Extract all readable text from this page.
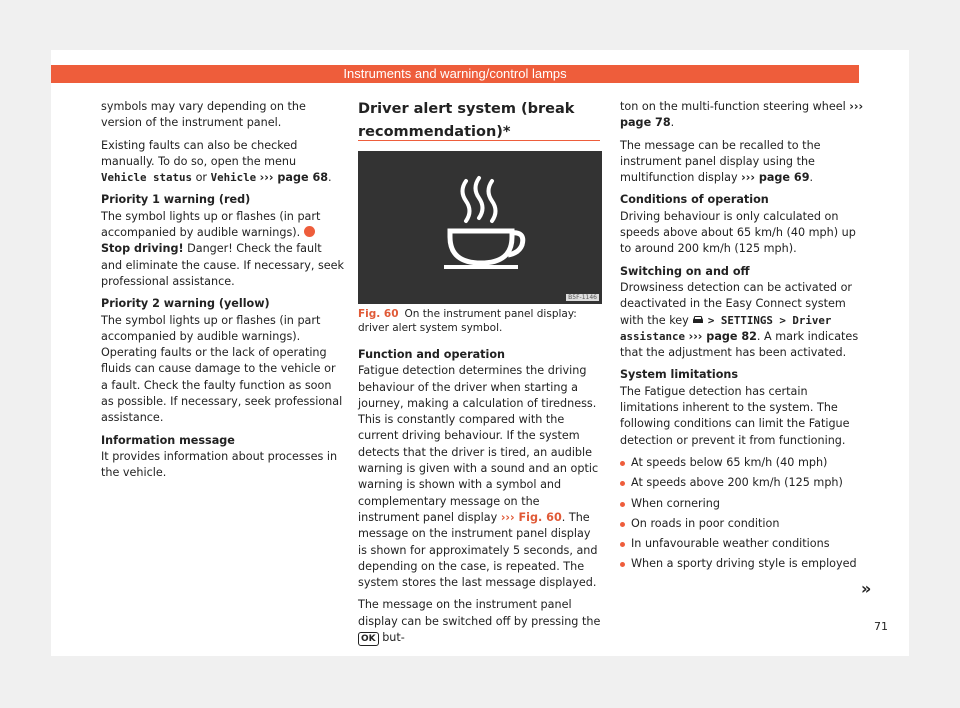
Instruments and warning/control lamps

symbols may vary depending on the version of the instrument panel.

Existing faults can also be checked manually. To do so, open the menu Vehicle status or Vehicle ››› page 68.

Priority 1 warning (red)

The symbol lights up or flashes (in part accompanied by audible warnings).  Stop driving! Danger! Check the fault and eliminate the cause. If necessary, seek professional assistance.

Priority 2 warning (yellow)

The symbol lights up or flashes (in part accompanied by audible warnings). Operating faults or the lack of operating fluids can cause damage to the vehicle or a fault. Check the faulty function as soon as possible. If necessary, seek professional assistance.

Information message

It provides information about processes in the vehicle.

Driver alert system (break recommendation)*
B5F-1146
Fig. 60 On the instrument panel display: driver alert system symbol.
Function and operation

Fatigue detection determines the driving behaviour of the driver when starting a journey, making a calculation of tiredness. This is constantly compared with the current driving behaviour. If the system detects that the driver is tired, an audible warning is given with a sound and an optic warning is shown with a symbol and complementary message on the instrument panel display ››› Fig. 60. The message on the instrument panel display is shown for approximately 5 seconds, and depending on the case, is repeated. The system stores the last message displayed.

The message on the instrument panel display can be switched off by pressing the OK but-

ton on the multi-function steering wheel ››› page 78.

The message can be recalled to the instrument panel display using the multifunction display ››› page 69.

Conditions of operation

Driving behaviour is only calculated on speeds above about 65 km/h (40 mph) up to around 200 km/h (125 mph).

Switching on and off

Drowsiness detection can be activated or deactivated in the Easy Connect system with the key > SETTINGS > Driver assistance ››› page 82. A mark indicates that the adjustment has been activated.

System limitations

The Fatigue detection has certain limitations inherent to the system. The following conditions can limit the Fatigue detection or prevent it from functioning.

At speeds below 65 km/h (40 mph)
At speeds above 200 km/h (125 mph)
When cornering
On roads in poor condition
In unfavourable weather conditions
When a sporty driving style is employed
»
71
